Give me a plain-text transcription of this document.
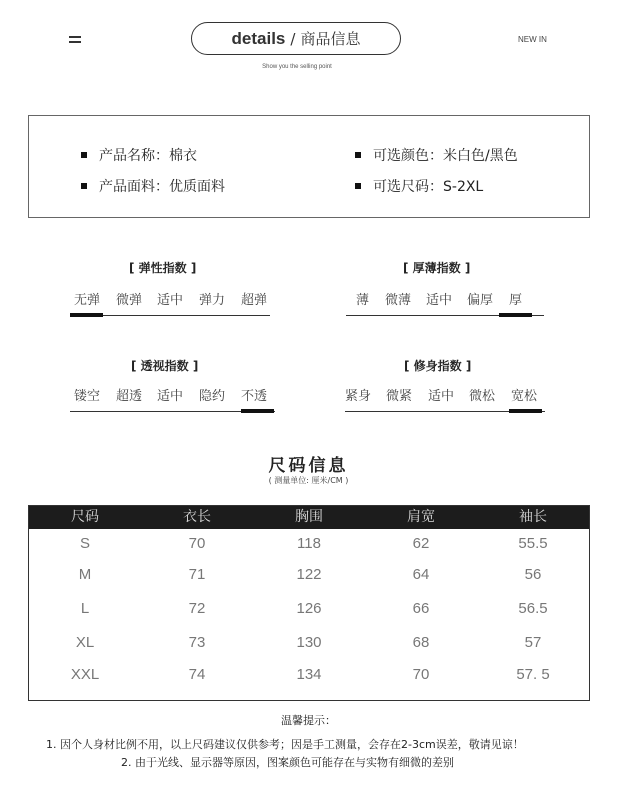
details / 商品信息	NEW IN
Show you the selling point
产品名称：棉衣	可选颜色：米白色/黑色
产品面料：优质面料	可选尺码：S-2XL
[ 弹性指数 ]
无弹 微弹 适中 弹力 超弹
[ 厚薄指数 ]
薄 微薄 适中 偏厚 厚
[ 透视指数 ]
镂空 超透 适中 隐约 不透
[ 修身指数 ]
紧身 微紧 适中 微松 宽松
尺码信息
( 测量单位: 厘米/CM )
尺码	衣长	胸围	肩宽	袖长
S	70	118	62	55.5
M	71	122	64	56
L	72	126	66	56.5
XL	73	130	68	57
XXL	74	134	70	57. 5
温馨提示：
1. 因个人身材比例不用，以上尺码建议仅供参考；因是手工测量，会存在2-3cm误差，敬请见谅！
2. 由于光线、显示器等原因，图案颜色可能存在与实物有细微的差别
